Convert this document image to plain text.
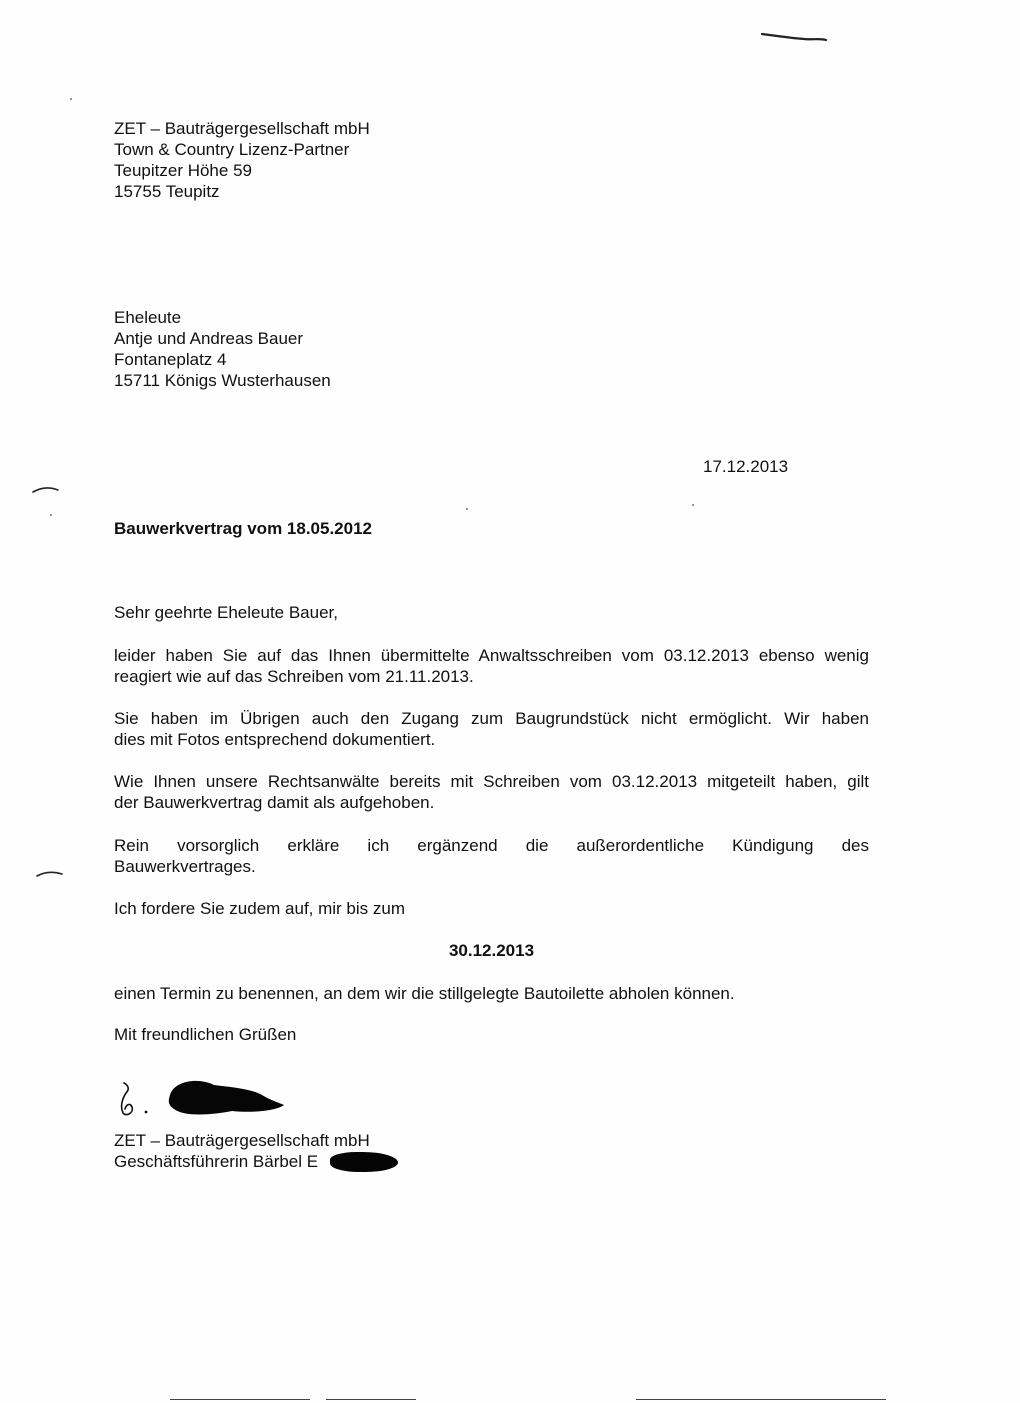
ZET – Bauträgergesellschaft mbH
Town & Country Lizenz-Partner
Teupitzer Höhe 59
15755 Teupitz
Eheleute
Antje und Andreas Bauer
Fontaneplatz 4
15711 Königs Wusterhausen
17.12.2013
Bauwerkvertrag vom 18.05.2012
Sehr geehrte Eheleute Bauer,
leider haben Sie auf das Ihnen übermittelte Anwaltsschreiben vom 03.12.2013 ebenso wenig
reagiert wie auf das Schreiben vom 21.11.2013.
Sie haben im Übrigen auch den Zugang zum Baugrundstück nicht ermöglicht. Wir haben
dies mit Fotos entsprechend dokumentiert.
Wie Ihnen unsere Rechtsanwälte bereits mit Schreiben vom 03.12.2013 mitgeteilt haben, gilt
der Bauwerkvertrag damit als aufgehoben.
Rein vorsorglich erkläre ich ergänzend die außerordentliche Kündigung des
Bauwerkvertrages.
Ich fordere Sie zudem auf, mir bis zum
30.12.2013
einen Termin zu benennen, an dem wir die stillgelegte Bautoilette abholen können.
Mit freundlichen Grüßen
ZET – Bauträgergesellschaft mbH
Geschäftsführerin Bärbel E
